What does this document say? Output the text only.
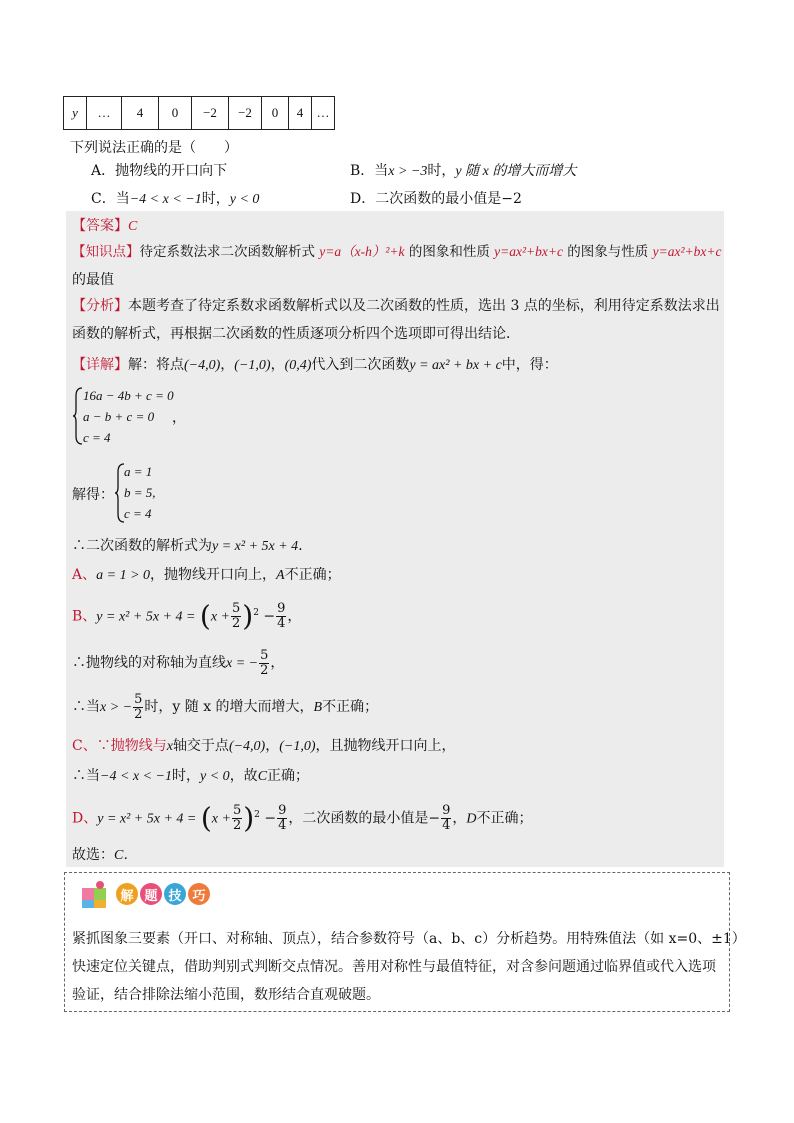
y	…	4	0	−2	−2	0	4	…
下列说法正确的是（　　）
A．抛物线的开口向下	B．当x > −3时，y 随 x 的增大而增大
C．当−4 < x < −1时，y < 0	D．二次函数的最小值是−2
【答案】C
【知识点】待定系数法求二次函数解析式 y=a（x-h）²+k 的图象和性质 y=ax²+bx+c 的图象与性质 y=ax²+bx+c
的最值
【分析】本题考查了待定系数求函数解析式以及二次函数的性质，选出 3 点的坐标，利用待定系数法求出
函数的解析式，再根据二次函数的性质逐项分析四个选项即可得出结论．
【详解】解：将点(−4,0)，(−1,0)，(0,4)代入到二次函数y = ax² + bx + c中，得：
16a − 4b + c = 0
a − b + c = 0
c = 4
，
解得：
a = 1
b = 5,
c = 4
∴二次函数的解析式为y = x² + 5x + 4．
A、a = 1 > 0，抛物线开口向上，A不正确；
B、$y = x^2 + 5x + 4 = (x + \frac{5}{2} )^2 - \frac{9}{4}$ ，
∴抛物线的对称轴为直线x = − $\frac{5}{2}$ ，
∴当x > − $\frac{5}{2}$ 时，y 随 x 的增大而增大，B不正确；
C、∵抛物线与x轴交于点(−4,0)，(−1,0)，且抛物线开口向上，
∴当−4 < x < −1时，y < 0，故C正确；
D、$y = x^2 + 5x + 4 = (x + \frac{5}{2} )^2 - \frac{9}{4}$ ，二次函数的最小值是− $\frac{9}{4}$ ，D不正确；
故选：C．
解 题 技 巧
紧抓图象三要素（开口、对称轴、顶点），结合参数符号（a、b、c）分析趋势。用特殊值法（如 x=0、±1）
快速定位关键点，借助判别式判断交点情况。善用对称性与最值特征，对含参问题通过临界值或代入选项
验证，结合排除法缩小范围，数形结合直观破题。
